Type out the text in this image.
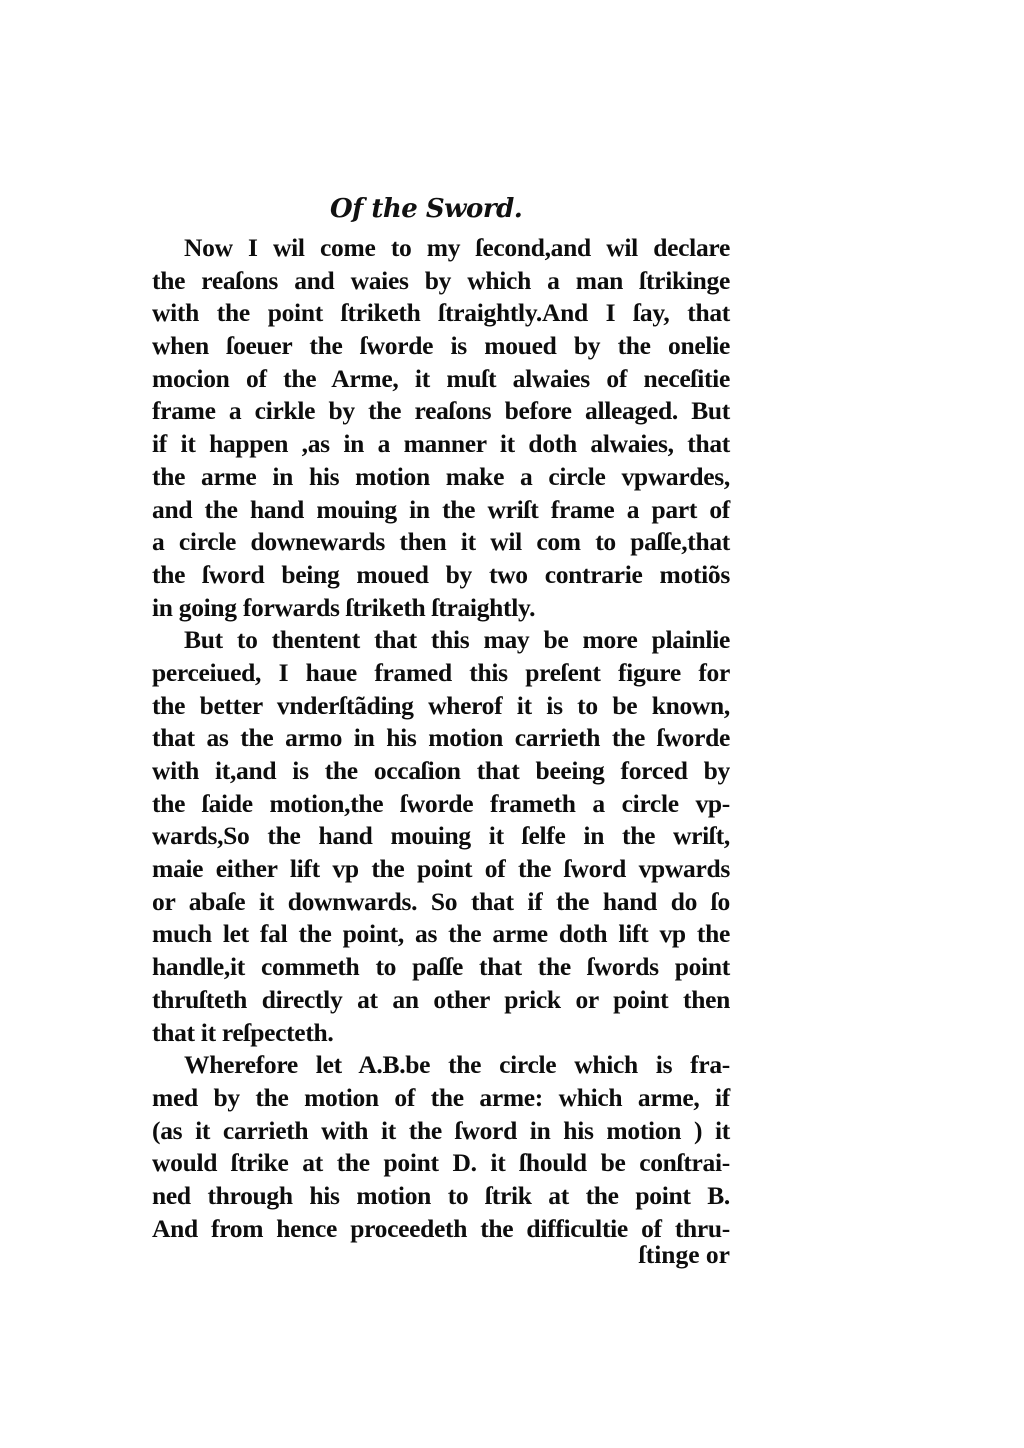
Of the Sword.
Now I wil come to my ſecond,and wil declare
the reaſons and waies by which a man ſtrikinge
with the point ſtriketh ſtraightly.And I ſay, that
when ſoeuer the ſworde is moued by the onelie
mocion of the Arme, it muſt alwaies of neceſitie
frame a cirkle by the reaſons before alleaged. But
if it happen ,as in a manner it doth alwaies, that
the arme in his motion make a circle vpwardes,
and the hand mouing in the wriſt frame a part of
a circle downewards then it wil com to paſſe,that
the ſword being moued by two contrarie motiõs
in going forwards ſtriketh ſtraightly.
But to thentent that this may be more plainlie
perceiued, I haue framed this preſent figure for
the better vnderſtãding wherof it is to be known,
that as the armo in his motion carrieth the ſworde
with it,and is the occaſion that beeing forced by
the ſaide motion,the ſworde frameth a circle vp-
wards,So the hand mouing it ſelfe in the wriſt,
maie either lift vp the point of the ſword vpwards
or abaſe it downwards. So that if the hand do ſo
much let fal the point, as the arme doth lift vp the
handle,it commeth to paſſe that the ſwords point
thruſteth directly at an other prick or point then
that it reſpecteth.
Wherefore let A.B.be the circle which is fra-
med by the motion of the arme: which arme, if
(as it carrieth with it the ſword in his motion ) it
would ſtrike at the point D. it ſhould be conſtrai-
ned through his motion to ſtrik at the point B.
And from hence proceedeth the difficultie of thru-
ſtinge or
